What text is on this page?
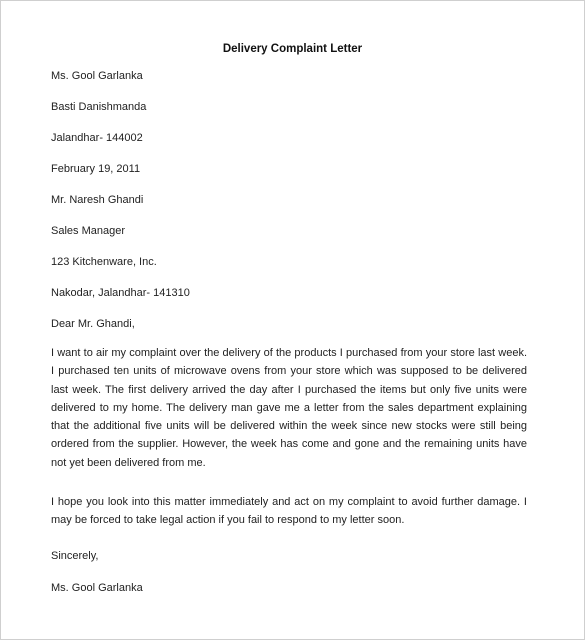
Delivery Complaint Letter
Ms. Gool Garlanka
Basti Danishmanda
Jalandhar- 144002
February 19, 2011
Mr. Naresh Ghandi
Sales Manager
123 Kitchenware, Inc.
Nakodar, Jalandhar- 141310
Dear Mr. Ghandi,

I want to air my complaint over the delivery of the products I purchased from your store last week. I purchased ten units of microwave ovens from your store which was supposed to be delivered last week. The first delivery arrived the day after I purchased the items but only five units were delivered to my home. The delivery man gave me a letter from the sales department explaining that the additional five units will be delivered within the week since new stocks were still being ordered from the supplier. However, the week has come and gone and the remaining units have not yet been delivered from me.

I hope you look into this matter immediately and act on my complaint to avoid further damage. I may be forced to take legal action if you fail to respond to my letter soon.

Sincerely,
Ms. Gool Garlanka
